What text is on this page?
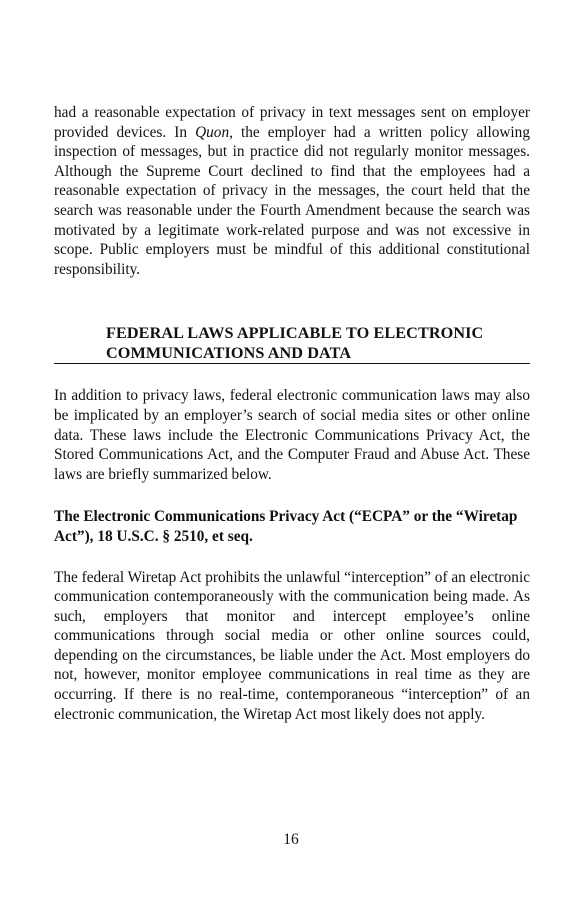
had a reasonable expectation of privacy in text messages sent on employer provided devices. In Quon, the employer had a written policy allowing inspection of messages, but in practice did not regularly monitor messages. Although the Supreme Court declined to find that the employees had a reasonable expectation of privacy in the messages, the court held that the search was reasonable under the Fourth Amendment because the search was motivated by a legitimate work-related purpose and was not excessive in scope. Public employers must be mindful of this additional constitutional responsibility.

FEDERAL LAWS APPLICABLE TO ELECTRONIC
COMMUNICATIONS AND DATA

In addition to privacy laws, federal electronic communication laws may also be implicated by an employer’s search of social media sites or other online data. These laws include the Electronic Communications Privacy Act, the Stored Communications Act, and the Computer Fraud and Abuse Act. These laws are briefly summarized below.

The Electronic Communications Privacy Act (“ECPA” or the “Wiretap Act”), 18 U.S.C. § 2510, et seq.

The federal Wiretap Act prohibits the unlawful “interception” of an electronic communication contemporaneously with the communication being made. As such, employers that monitor and intercept employee’s online communications through social media or other online sources could, depending on the circumstances, be liable under the Act. Most employers do not, however, monitor employee communications in real time as they are occurring. If there is no real-time, contemporaneous “interception” of an electronic communication, the Wiretap Act most likely does not apply.

16
